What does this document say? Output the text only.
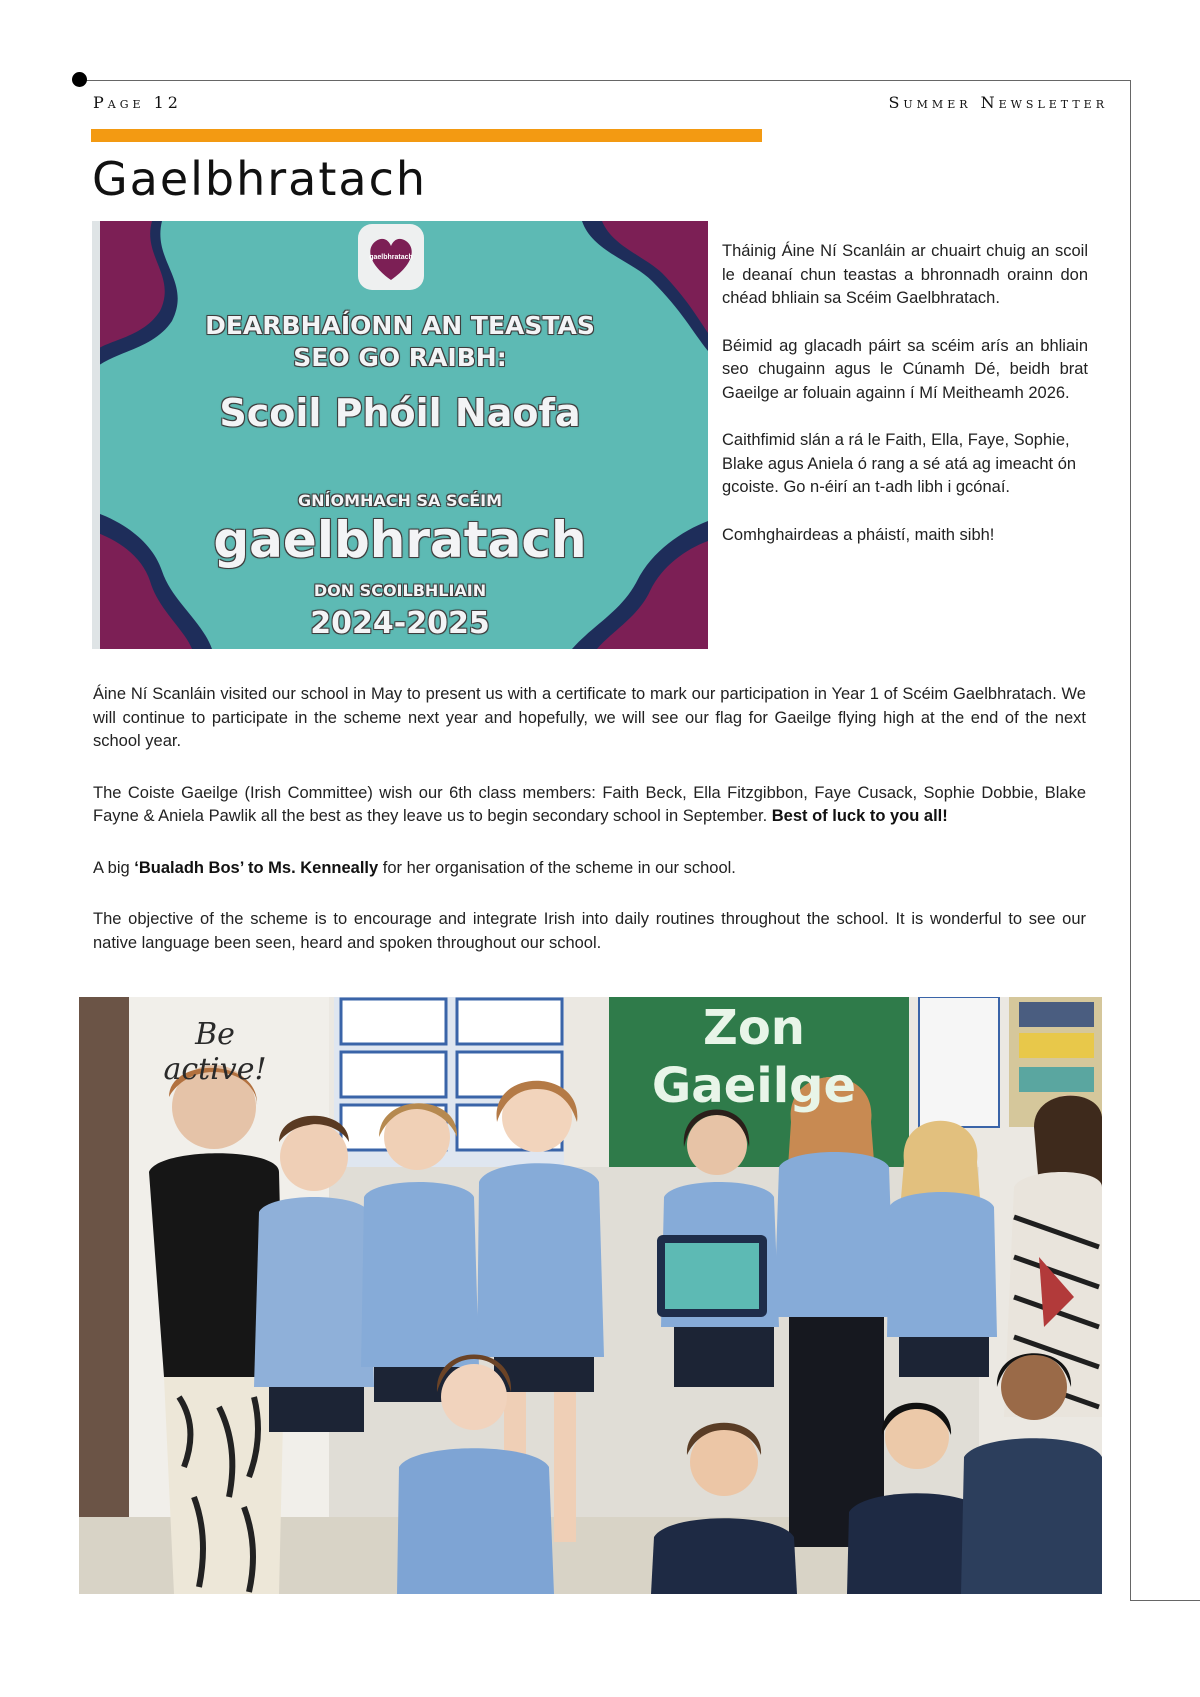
Page 12	Summer Newsletter
Gaelbhratach
gaelbhratach
DEARBHAÍONN AN TEASTAS
SEO GO RAIBH:
Scoil Phóil Naofa
GNÍOMHACH SA SCÉIM
gaelbhratach
DON SCOILBHLIAIN
2024-2025

Tháinig Áine Ní Scanláin ar chuairt chuig an scoil le deanaí chun teastas a bhronnadh orainn don chéad bhliain sa Scéim Gaelbhratach.

Béimid ag glacadh páirt sa scéim arís an bhliain seo chugainn agus le Cúnamh Dé, beidh brat Gaeilge ar foluain againn í Mí Meitheamh 2026.

Caithfimid slán a rá le Faith, Ella, Faye, Sophie, Blake agus Aniela ó rang a sé atá ag imeacht ón gcoiste. Go n-éirí an t-adh libh i gcónaí.

Comhghairdeas a pháistí, maith sibh!

Áine Ní Scanláin visited our school in May to present us with a certificate to mark our participation in Year 1 of Scéim Gaelbhratach. We will continue to participate in the scheme next year and hopefully, we will see our flag for Gaeilge flying high at the end of the next school year.

The Coiste Gaeilge (Irish Committee) wish our 6th class members: Faith Beck, Ella Fitzgibbon, Faye Cusack, Sophie Dobbie, Blake Fayne & Aniela Pawlik all the best as they leave us to begin secondary school in September. Best of luck to you all!

A big ‘Bualadh Bos’ to Ms. Kenneally for her organisation of the scheme in our school.

The objective of the scheme is to encourage and integrate Irish into daily routines throughout the school. It is wonderful to see our native language been seen, heard and spoken throughout our school.

Be active!
Zon
Gaeilge
